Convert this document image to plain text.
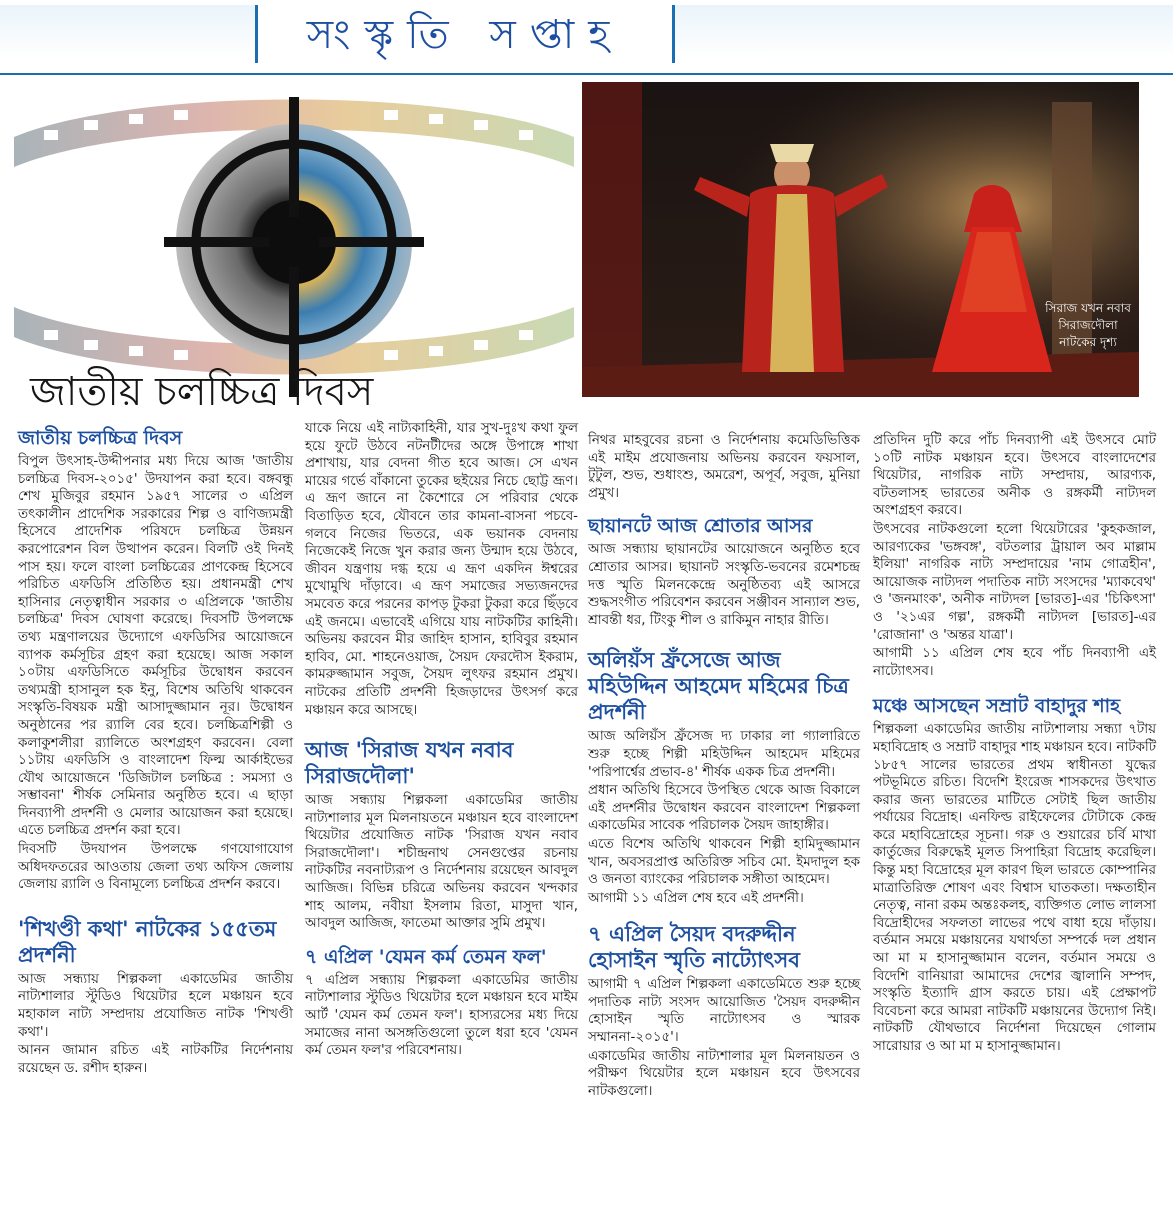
সংস্কৃতি সপ্তাহ
জাতীয় চলচ্চিত্র দিবস
সিরাজ যখন নবাব সিরাজদৌলা নাটকের দৃশ্য
জাতীয় চলচ্চিত্র দিবস

বিপুল উৎসাহ-উদ্দীপনার মধ্য দিয়ে আজ 'জাতীয় চলচ্চিত্র দিবস-২০১৫' উদযাপন করা হবে। বঙ্গবন্ধু শেখ মুজিবুর রহমান ১৯৫৭ সালের ৩ এপ্রিল তৎকালীন প্রাদেশিক সরকারের শিল্প ও বাণিজ্যমন্ত্রী হিসেবে প্রাদেশিক পরিষদে চলচ্চিত্র উন্নয়ন করপোরেশন বিল উত্থাপন করেন। বিলটি ওই দিনই পাস হয়। ফলে বাংলা চলচ্চিত্রের প্রাণকেন্দ্র হিসেবে পরিচিত এফডিসি প্রতিষ্ঠিত হয়। প্রধানমন্ত্রী শেখ হাসিনার নেতৃত্বাধীন সরকার ৩ এপ্রিলকে 'জাতীয় চলচ্চিত্র' দিবস ঘোষণা করেছে। দিবসটি উপলক্ষে তথ্য মন্ত্রণালয়ের উদ্যোগে এফডিসির আয়োজনে ব্যাপক কর্মসূচির গ্রহণ করা হয়েছে। আজ সকাল ১০টায় এফডিসিতে কর্মসূচির উদ্বোধন করবেন তথ্যমন্ত্রী হাসানুল হক ইনু, বিশেষ অতিথি থাকবেন সংস্কৃতি-বিষয়ক মন্ত্রী আসাদুজ্জামান নূর। উদ্বোধন অনুষ্ঠানের পর র‍্যালি বের হবে। চলচ্চিত্রশিল্পী ও কলাকুশলীরা র‍্যালিতে অংশগ্রহণ করবেন। বেলা ১১টায় এফডিসি ও বাংলাদেশ ফিল্ম আর্কাইভের যৌথ আয়োজনে 'ডিজিটাল চলচ্চিত্র : সমস্যা ও সম্ভাবনা' শীর্ষক সেমিনার অনুষ্ঠিত হবে। এ ছাড়া দিনব্যাপী প্রদর্শনী ও মেলার আয়োজন করা হয়েছে। এতে চলচ্চিত্র প্রদর্শন করা হবে।

দিবসটি উদযাপন উপলক্ষে গণযোগাযোগ অধিদফতরের আওতায় জেলা তথ্য অফিস জেলায় জেলায় র‍্যালি ও বিনামূল্যে চলচ্চিত্র প্রদর্শন করবে।

'শিখণ্ডী কথা' নাটকের ১৫৫তম প্রদর্শনী

আজ সন্ধ্যায় শিল্পকলা একাডেমির জাতীয় নাট্যশালার স্টুডিও থিয়েটার হলে মঞ্চায়ন হবে মহাকাল নাট্য সম্প্রদায় প্রযোজিত নাটক 'শিখণ্ডী কথা'।

আনন জামান রচিত এই নাটকটির নির্দেশনায় রয়েছেন ড. রশীদ হারুন।

যাকে নিয়ে এই নাট্যকাহিনী, যার সুখ-দুঃখ কথা ফুল হয়ে ফুটে উঠবে নটনটীদের অঙ্গে উপাঙ্গে শাখা প্রশাখায়, যার বেদনা গীত হবে আজ। সে এখন মায়ের গর্ভে বাঁকানো তুকের ছইয়ের নিচে ছোট্ট ভ্রূণ। এ ভ্রূণ জানে না কৈশোরে সে পরিবার থেকে বিতাড়িত হবে, যৌবনে তার কামনা-বাসনা পচবে-গলবে নিজের ভিতরে, এক ভয়ানক বেদনায় নিজেকেই নিজে খুন করার জন্য উন্মাদ হয়ে উঠবে, জীবন যন্ত্রণায় দগ্ধ হয়ে এ ভ্রূণ একদিন ঈশ্বরের মুখোমুখি দাঁড়াবে। এ ভ্রূণ সমাজের সভ্যজনদের সমবেত করে পরনের কাপড় টুকরা টুকরা করে ছিঁড়বে এই জনমে। এভাবেই এগিয়ে যায় নাটকটির কাহিনী। অভিনয় করবেন মীর জাহিদ হাসান, হাবিবুর রহমান হাবিব, মো. শাহনেওয়াজ, সৈয়দ ফেরদৌস ইকরাম, কামরুজ্জামান সবুজ, সৈয়দ লুৎফর রহমান প্রমুখ। নাটকের প্রতিটি প্রদর্শনী হিজড়াদের উৎসর্গ করে মঞ্চায়ন করে আসছে।

আজ 'সিরাজ যখন নবাব সিরাজদৌলা'

আজ সন্ধ্যায় শিল্পকলা একাডেমির জাতীয় নাট্যশালার মূল মিলনায়তনে মঞ্চায়ন হবে বাংলাদেশ থিয়েটার প্রযোজিত নাটক 'সিরাজ যখন নবাব সিরাজদৌলা'। শচীন্দ্রনাথ সেনগুপ্তের রচনায় নাটকটির নবনাট্যরূপ ও নির্দেশনায় রয়েছেন আবদুল আজিজ। বিভিন্ন চরিত্রে অভিনয় করবেন খন্দকার শাহ আলম, নবীয়া ইসলাম রিতা, মাসুদা খান, আবদুল আজিজ, ফাতেমা আক্তার সুমি প্রমুখ।

৭ এপ্রিল 'যেমন কর্ম তেমন ফল'

৭ এপ্রিল সন্ধ্যায় শিল্পকলা একাডেমির জাতীয় নাট্যশালার স্টুডিও থিয়েটার হলে মঞ্চায়ন হবে মাইম আর্ট 'যেমন কর্ম তেমন ফল'। হাস্যরসের মধ্য দিয়ে সমাজের নানা অসঙ্গতিগুলো তুলে ধরা হবে 'যেমন কর্ম তেমন ফল'র পরিবেশনায়।

নিথর মাহবুবের রচনা ও নির্দেশনায় কমেডিভিত্তিক এই মাইম প্রযোজনায় অভিনয় করবেন ফয়সাল, টুটুল, শুভ, শুধাংশু, অমরেশ, অপূর্ব, সবুজ, মুনিয়া প্রমুখ।

ছায়ানটে আজ শ্রোতার আসর

আজ সন্ধ্যায় ছায়ানটের আয়োজনে অনুষ্ঠিত হবে শ্রোতার আসর। ছায়ানট সংস্কৃতি-ভবনের রমেশচন্দ্র দত্ত স্মৃতি মিলনকেন্দ্রে অনুষ্ঠিতব্য এই আসরে শুদ্ধসংগীত পরিবেশন করবেন সঞ্জীবন সান্যাল শুভ, শ্রাবন্তী ধর, টিংকু শীল ও রাকিমুন নাহার রীতি।

অলিয়ঁস ফ্রঁসেজে আজ মহিউদ্দিন আহমেদ মহিমের চিত্র প্রদর্শনী

আজ অলিয়ঁস ফ্রঁসেজ দ্য ঢাকার লা গ্যালারিতে শুরু হচ্ছে শিল্পী মহিউদ্দিন আহমেদ মহিমের 'পরিপার্শ্বের প্রভাব-৪' শীর্ষক একক চিত্র প্রদর্শনী।

প্রধান অতিথি হিসেবে উপস্থিত থেকে আজ বিকালে এই প্রদর্শনীর উদ্বোধন করবেন বাংলাদেশ শিল্পকলা একাডেমির সাবেক পরিচালক সৈয়দ জাহাঙ্গীর।

এতে বিশেষ অতিথি থাকবেন শিল্পী হামিদুজ্জামান খান, অবসরপ্রাপ্ত অতিরিক্ত সচিব মো. ইমদাদুল হক ও জনতা ব্যাংকের পরিচালক সঙ্গীতা আহমেদ।

আগামী ১১ এপ্রিল শেষ হবে এই প্রদর্শনী।

৭ এপ্রিল সৈয়দ বদরুদ্দীন হোসাইন স্মৃতি নাট্যোৎসব

আগামী ৭ এপ্রিল শিল্পকলা একাডেমিতে শুরু হচ্ছে পদাতিক নাট্য সংসদ আয়োজিত 'সৈয়দ বদরুদ্দীন হোসাইন স্মৃতি নাট্যোৎসব ও স্মারক সম্মাননা-২০১৫'।

একাডেমির জাতীয় নাট্যশালার মূল মিলনায়তন ও পরীক্ষণ থিয়েটার হলে মঞ্চায়ন হবে উৎসবের নাটকগুলো।

প্রতিদিন দুটি করে পাঁচ দিনব্যাপী এই উৎসবে মোট ১০টি নাটক মঞ্চায়ন হবে। উৎসবে বাংলাদেশের থিয়েটার, নাগরিক নাট্য সম্প্রদায়, আরণ্যক, বটতলাসহ ভারতের অনীক ও রঙ্গকর্মী নাট্যদল অংশগ্রহণ করবে।

উৎসবের নাটকগুলো হলো থিয়েটারের 'কুহকজাল, আরণ্যকের 'ভঙ্গবঙ্গ', বটতলার ট্রায়াল অব মাল্লাম ইলিয়া' নাগরিক নাট্য সম্প্রদায়ের 'নাম গোত্রহীন', আয়োজক নাট্যদল পদাতিক নাট্য সংসদের 'ম্যাকবেথ' ও 'জনমাংক', অনীক নাট্যদল [ভারত]-এর 'চিকিৎসা' ও '২১এর গল্প', রঙ্গকর্মী নাট্যদল [ভারত]-এর 'রোজানা' ও 'অন্তর যাত্রা'।

আগামী ১১ এপ্রিল শেষ হবে পাঁচ দিনব্যাপী এই নাট্যোৎসব।

মঞ্চে আসছেন সম্রাট বাহাদুর শাহ

শিল্পকলা একাডেমির জাতীয় নাট্যশালায় সন্ধ্যা ৭টায় মহাবিদ্রোহ ও সম্রাট বাহাদুর শাহ মঞ্চায়ন হবে। নাটকটি ১৮৫৭ সালের ভারতের প্রথম স্বাধীনতা যুদ্ধের পটভূমিতে রচিত। বিদেশি ইংরেজ শাসকদের উৎখাত করার জন্য ভারতের মাটিতে সেটাই ছিল জাতীয় পর্যায়ের বিদ্রোহ। এনফিল্ড রাইফেলের টোটাকে কেন্দ্র করে মহাবিদ্রোহের সূচনা। গরু ও শুয়ারের চর্বি মাখা কার্তুজের বিরুদ্ধেই মূলত সিপাহিরা বিদ্রোহ করেছিল। কিন্তু মহা বিদ্রোহের মূল কারণ ছিল ভারতে কোম্পানির মাত্রাতিরিক্ত শোষণ এবং বিশ্বাস ঘাতকতা। দক্ষতাহীন নেতৃত্ব, নানা রকম অন্তঃকলহ, ব্যক্তিগত লোভ লালসা বিদ্রোহীদের সফলতা লাভের পথে বাধা হয়ে দাঁড়ায়। বর্তমান সময়ে মঞ্চায়নের যথার্থতা সম্পর্কে দল প্রধান আ মা ম হাসানুজ্জামান বলেন, বর্তমান সময়ে ও বিদেশি বানিয়ারা আমাদের দেশের জ্বালানি সম্পদ, সংস্কৃতি ইত্যাদি গ্রাস করতে চায়। এই প্রেক্ষাপট বিবেচনা করে আমরা নাটকটি মঞ্চায়নের উদ্যোগ নিই। নাটকটি যৌথভাবে নির্দেশনা দিয়েছেন গোলাম সারোয়ার ও আ মা ম হাসানুজ্জামান।
